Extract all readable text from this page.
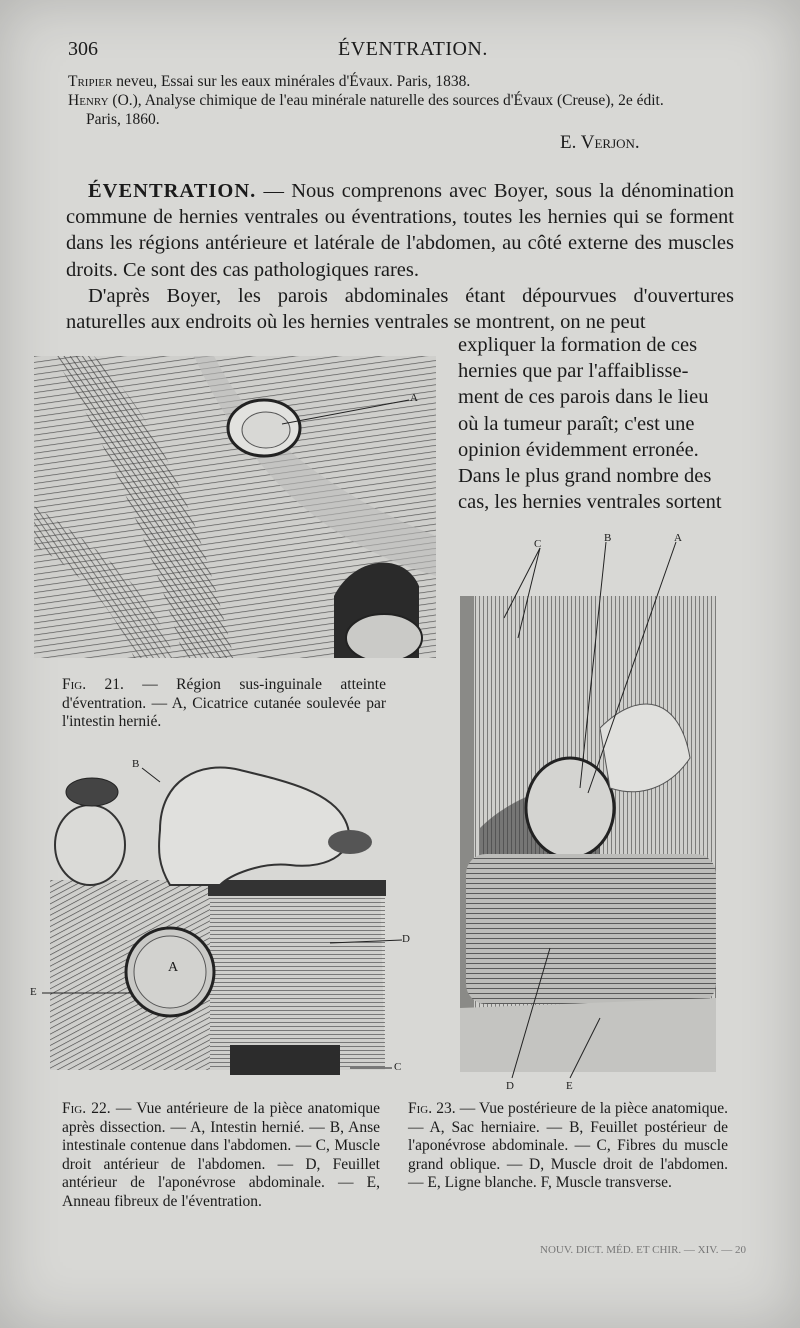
306	ÉVENTRATION.
Tripier neveu, Essai sur les eaux minérales d'Évaux. Paris, 1838.
Henry (O.), Analyse chimique de l'eau minérale naturelle des sources d'Évaux (Creuse), 2e édit.
Paris, 1860.
E. Verjon.

ÉVENTRATION. — Nous comprenons avec Boyer, sous la dénomination commune de hernies ventrales ou éventrations, toutes les hernies qui se forment dans les régions antérieure et latérale de l'abdomen, au côté externe des muscles droits. Ce sont des cas pathologiques rares.

D'après Boyer, les parois abdominales étant dépourvues d'ouvertures naturelles aux endroits où les hernies ventrales se montrent, on ne peut

expliquer la formation de ces
hernies que par l'affaiblisse-
ment de ces parois dans le lieu
où la tumeur paraît; c'est une
opinion évidemment erronée.
Dans le plus grand nombre des
cas, les hernies ventrales sortent
A
Fig. 21. — Région sus-inguinale atteinte d'éventration. — A, Cicatrice cutanée soulevée par l'intestin hernié.
B
A
D
E
C
Fig. 22. — Vue antérieure de la pièce anatomique après dissection. — A, Intestin hernié. — B, Anse intestinale contenue dans l'abdomen. — C, Muscle droit antérieur de l'abdomen. — D, Feuillet antérieur de l'aponévrose abdominale. — E, Anneau fibreux de l'éventration.
C	B	A
D	E
Fig. 23. — Vue postérieure de la pièce anatomique. — A, Sac herniaire. — B, Feuillet postérieur de l'aponévrose abdominale. — C, Fibres du muscle grand oblique. — D, Muscle droit de l'abdomen. — E, Ligne blanche. F, Muscle transverse.
NOUV. DICT. MÉD. ET CHIR. — XIV. — 20
